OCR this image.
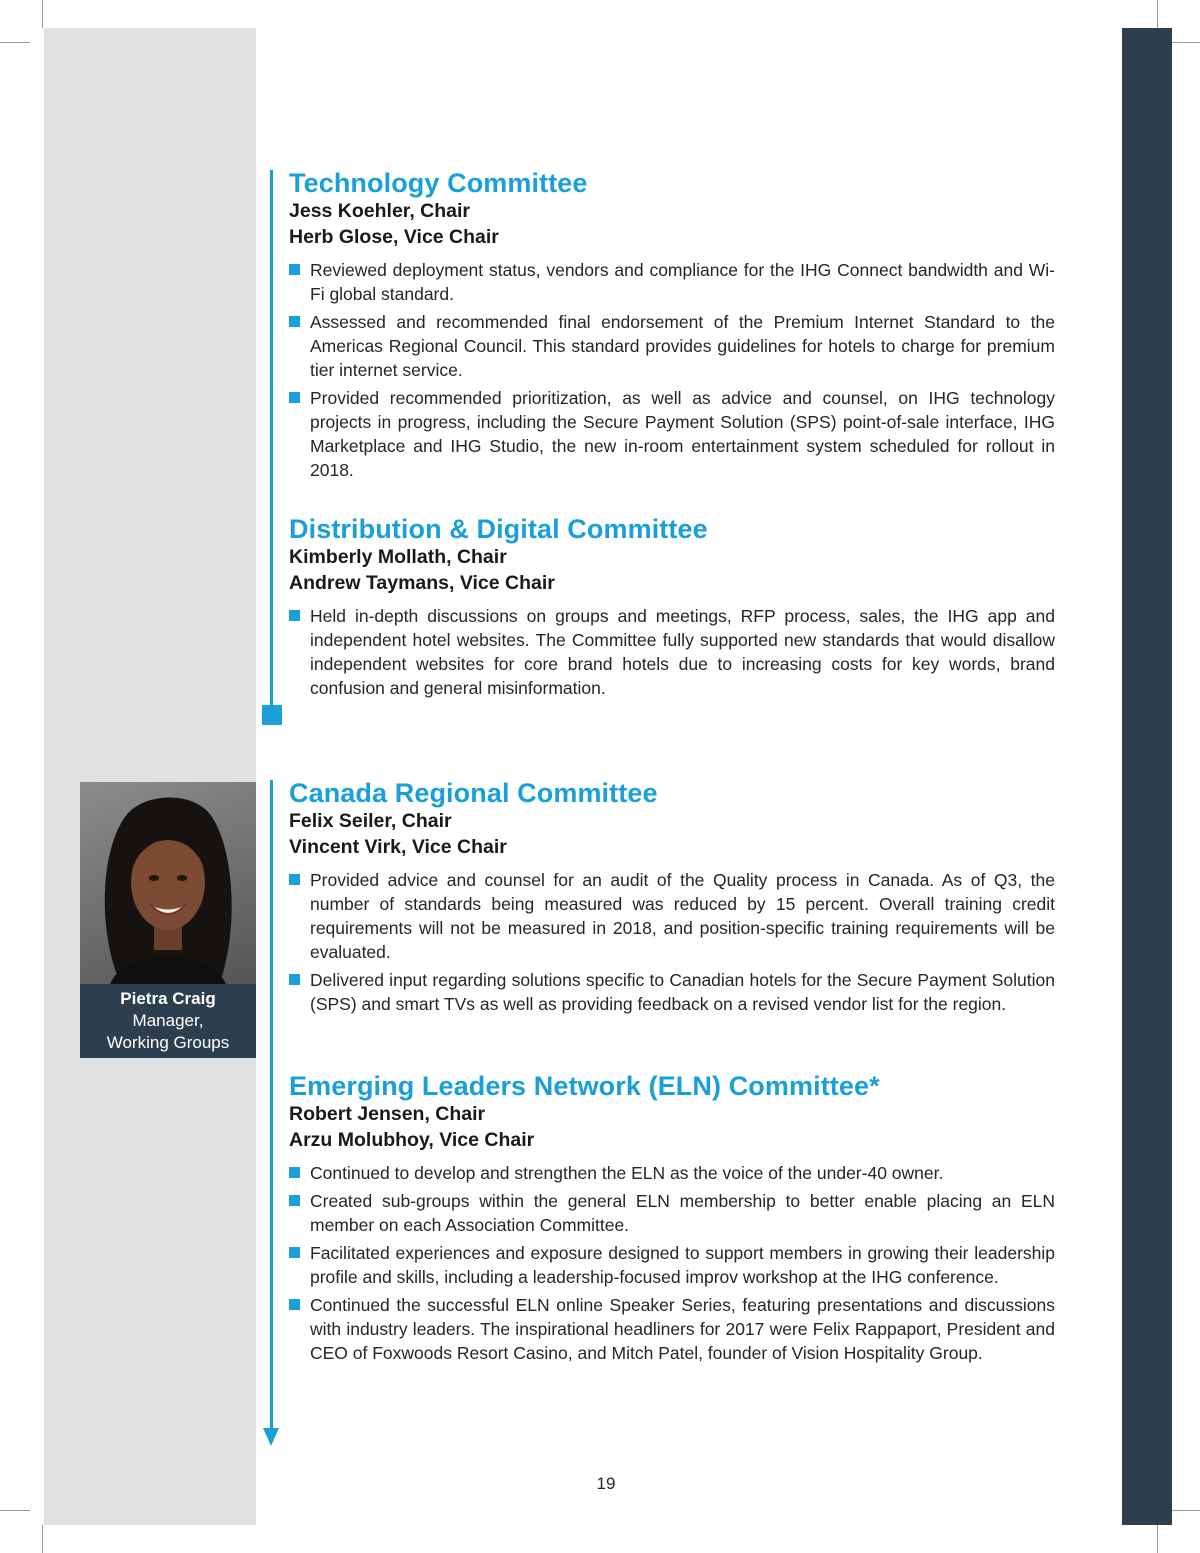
Technology Committee

Jess Koehler, Chair

Herb Glose, Vice Chair

Reviewed deployment status, vendors and compliance for the IHG Connect bandwidth and Wi-Fi global standard.
Assessed and recommended final endorsement of the Premium Internet Standard to the Americas Regional Council. This standard provides guidelines for hotels to charge for premium tier internet service.
Provided recommended prioritization, as well as advice and counsel, on IHG technology projects in progress, including the Secure Payment Solution (SPS) point-of-sale interface, IHG Marketplace and IHG Studio, the new in-room entertainment system scheduled for rollout in 2018.
Distribution & Digital Committee

Kimberly Mollath, Chair

Andrew Taymans, Vice Chair

Held in-depth discussions on groups and meetings, RFP process, sales, the IHG app and independent hotel websites. The Committee fully supported new standards that would disallow independent websites for core brand hotels due to increasing costs for key words, brand confusion and general misinformation.
Canada Regional Committee

Felix Seiler, Chair

Vincent Virk, Vice Chair

Provided advice and counsel for an audit of the Quality process in Canada. As of Q3, the number of standards being measured was reduced by 15 percent. Overall training credit requirements will not be measured in 2018, and position-specific training requirements will be evaluated.
Delivered input regarding solutions specific to Canadian hotels for the Secure Payment Solution (SPS) and smart TVs as well as providing feedback on a revised vendor list for the region.
Emerging Leaders Network (ELN) Committee*

Robert Jensen, Chair

Arzu Molubhoy, Vice Chair

Continued to develop and strengthen the ELN as the voice of the under-40 owner.
Created sub-groups within the general ELN membership to better enable placing an ELN member on each Association Committee.
Facilitated experiences and exposure designed to support members in growing their leadership profile and skills, including a leadership-focused improv workshop at the IHG conference.
Continued the successful ELN online Speaker Series, featuring presentations and discussions with industry leaders. The inspirational headliners for 2017 were Felix Rappaport, President and CEO of Foxwoods Resort Casino, and Mitch Patel, founder of Vision Hospitality Group.
Pietra Craig
Manager,
Working Groups
19
